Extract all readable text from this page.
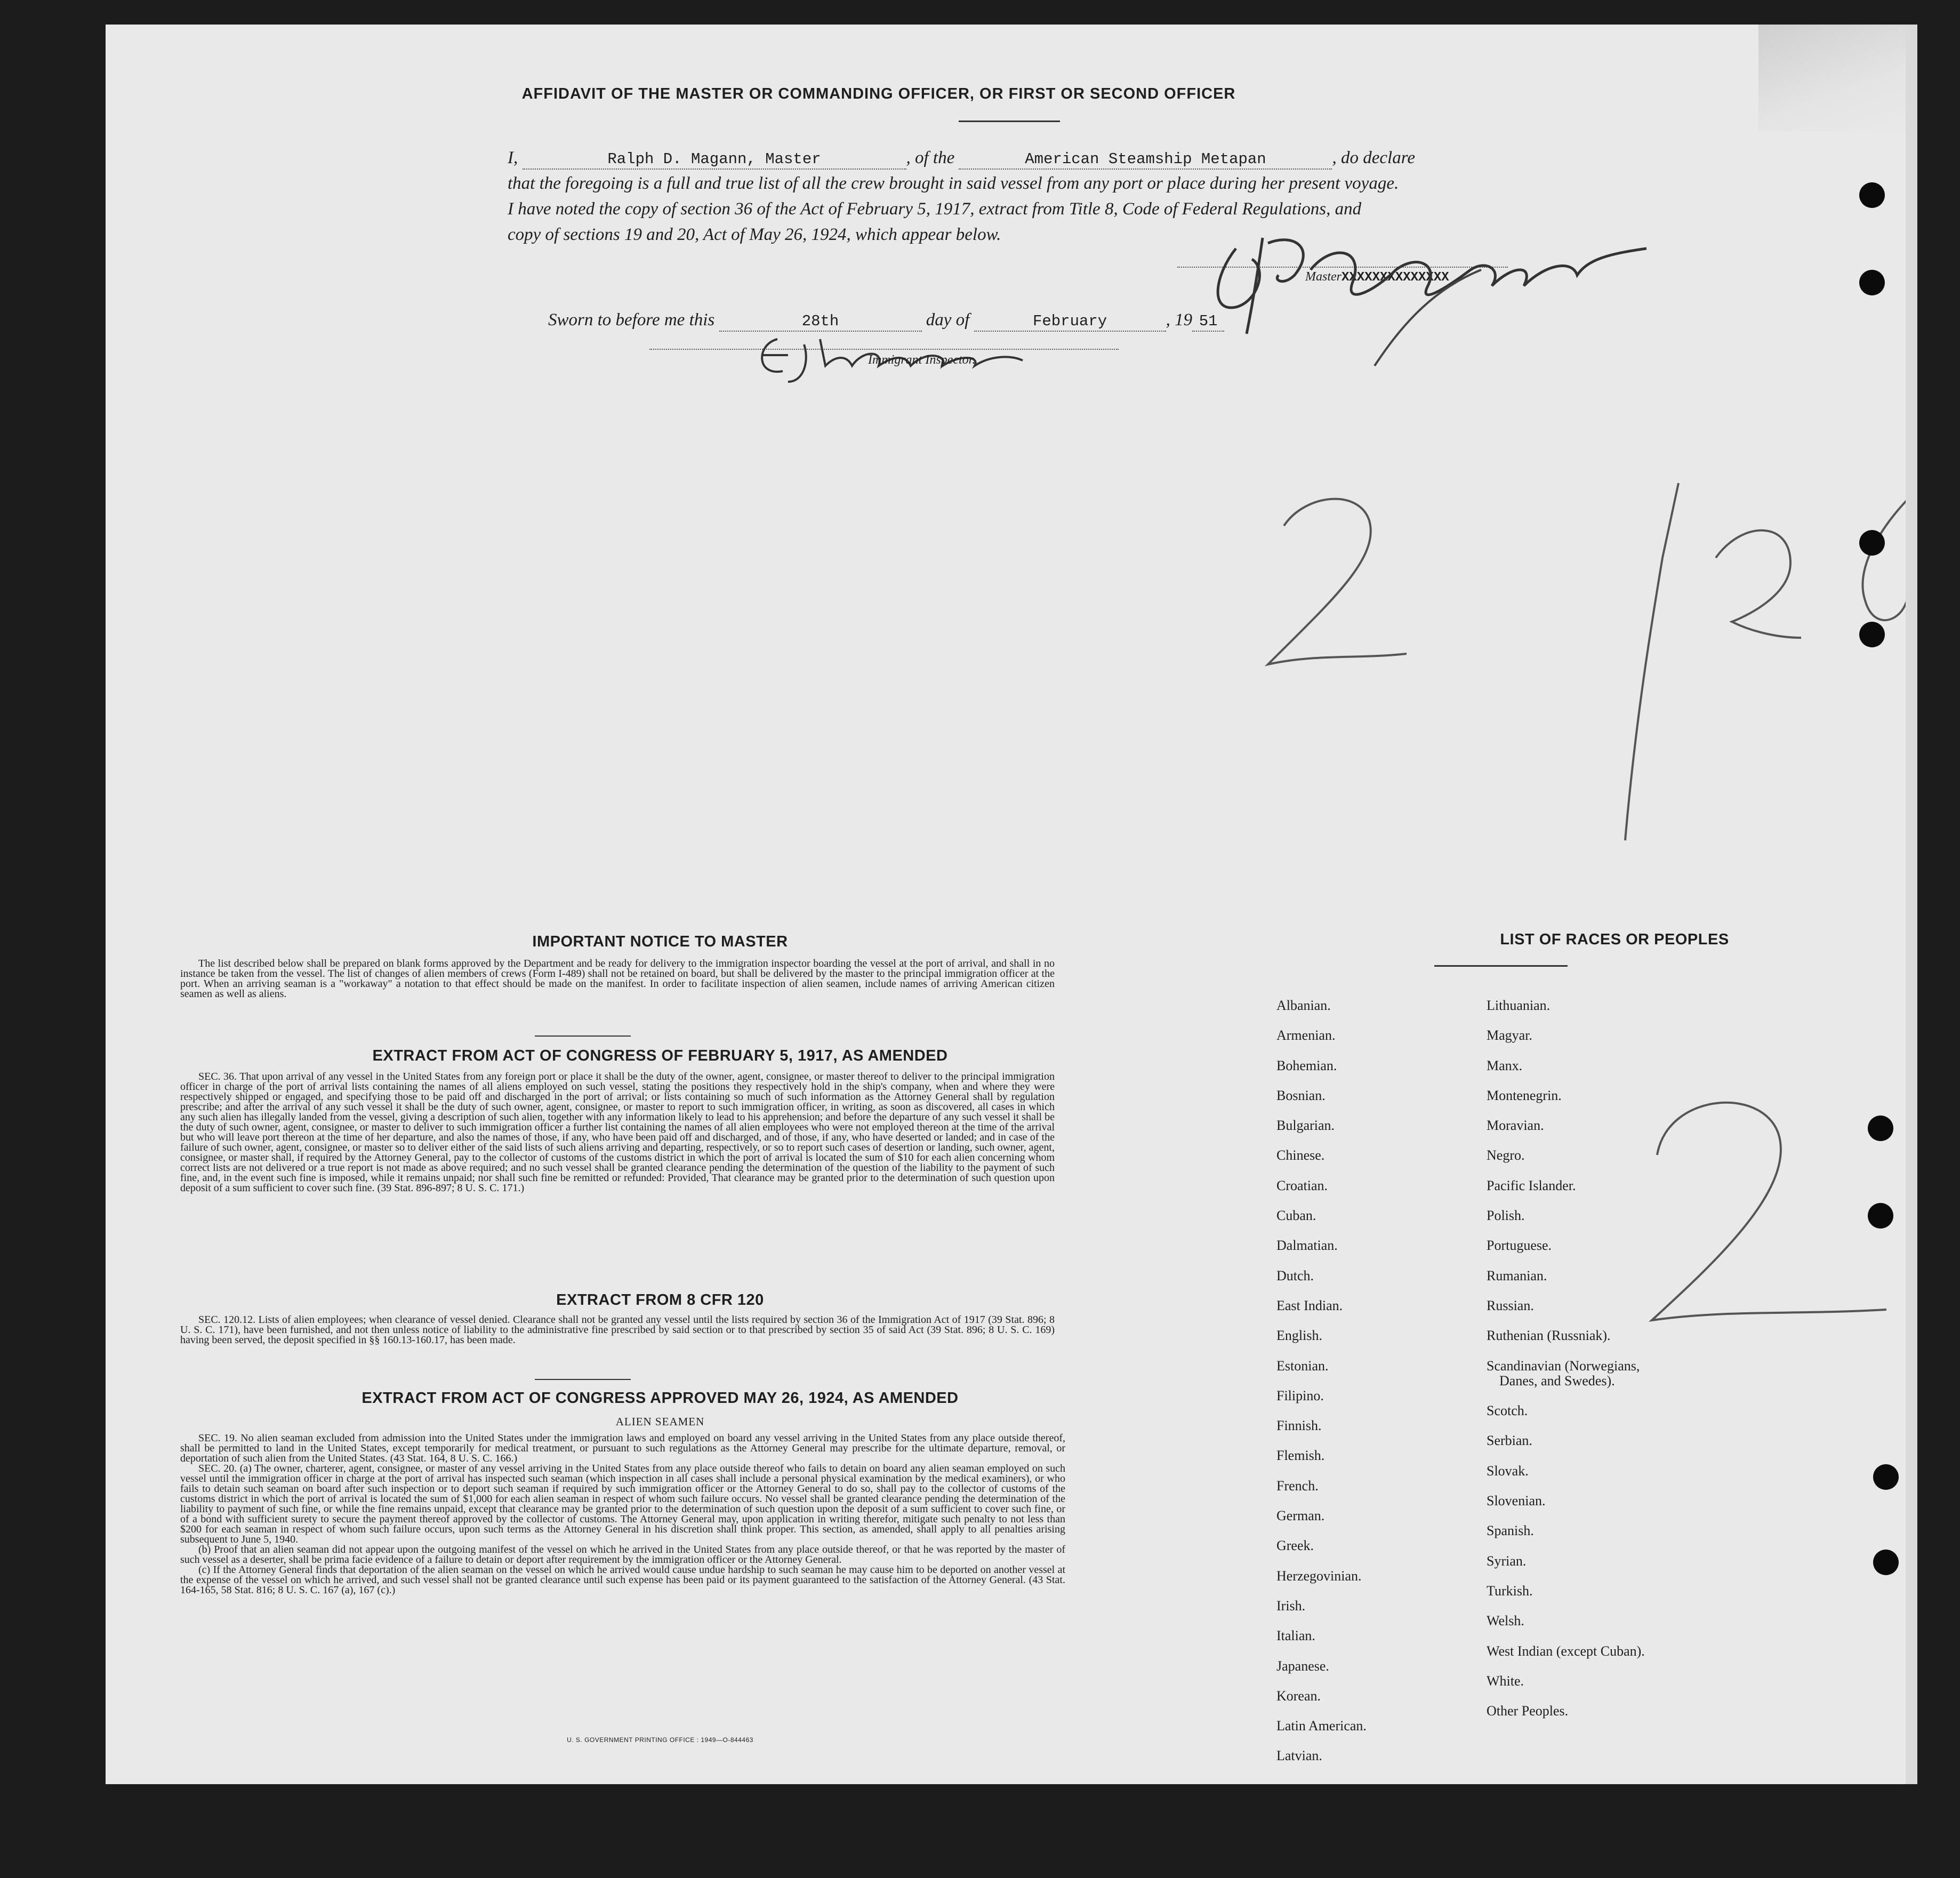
AFFIDAVIT OF THE MASTER OR COMMANDING OFFICER, OR FIRST OR SECOND OFFICER
I,	Ralph D. Magann, Master	, of the	American Steamship Metapan	, do declare
that the foregoing is a full and true list of all the crew brought in said vessel from any port or place during her present voyage.
I have noted the copy of section 36 of the Act of February 5, 1917, extract from Title 8, Code of Federal Regulations, and
copy of sections 19 and 20, Act of May 26, 1924, which appear below.
MasterXXXXXXXXXXXXXX
Sworn to before me this	28th	day of	February	, 19 51
Immigrant Inspector.
IMPORTANT NOTICE TO MASTER

The list described below shall be prepared on blank forms approved by the Department and be ready for delivery to the immigration inspector boarding the vessel at the port of arrival, and shall in no instance be taken from the vessel. The list of changes of alien members of crews (Form I-489) shall not be retained on board, but shall be delivered by the master to the principal immigration officer at the port. When an arriving seaman is a "workaway" a notation to that effect should be made on the manifest. In order to facilitate inspection of alien seamen, include names of arriving American citizen seamen as well as aliens.

EXTRACT FROM ACT OF CONGRESS OF FEBRUARY 5, 1917, AS AMENDED

SEC. 36. That upon arrival of any vessel in the United States from any foreign port or place it shall be the duty of the owner, agent, consignee, or master thereof to deliver to the principal immigration officer in charge of the port of arrival lists containing the names of all aliens employed on such vessel, stating the positions they respectively hold in the ship's company, when and where they were respectively shipped or engaged, and specifying those to be paid off and discharged in the port of arrival; or lists containing so much of such information as the Attorney General shall by regulation prescribe; and after the arrival of any such vessel it shall be the duty of such owner, agent, consignee, or master to report to such immigration officer, in writing, as soon as discovered, all cases in which any such alien has illegally landed from the vessel, giving a description of such alien, together with any information likely to lead to his apprehension; and before the departure of any such vessel it shall be the duty of such owner, agent, consignee, or master to deliver to such immigration officer a further list containing the names of all alien employees who were not employed thereon at the time of the arrival but who will leave port thereon at the time of her departure, and also the names of those, if any, who have been paid off and discharged, and of those, if any, who have deserted or landed; and in case of the failure of such owner, agent, consignee, or master so to deliver either of the said lists of such aliens arriving and departing, respectively, or so to report such cases of desertion or landing, such owner, agent, consignee, or master shall, if required by the Attorney General, pay to the collector of customs of the customs district in which the port of arrival is located the sum of $10 for each alien concerning whom correct lists are not delivered or a true report is not made as above required; and no such vessel shall be granted clearance pending the determination of the question of the liability to the payment of such fine, and, in the event such fine is imposed, while it remains unpaid; nor shall such fine be remitted or refunded: Provided, That clearance may be granted prior to the determination of such question upon deposit of a sum sufficient to cover such fine. (39 Stat. 896-897; 8 U. S. C. 171.)

EXTRACT FROM 8 CFR 120

SEC. 120.12. Lists of alien employees; when clearance of vessel denied. Clearance shall not be granted any vessel until the lists required by section 36 of the Immigration Act of 1917 (39 Stat. 896; 8 U. S. C. 171), have been furnished, and not then unless notice of liability to the administrative fine prescribed by said section or to that prescribed by section 35 of said Act (39 Stat. 896; 8 U. S. C. 169) having been served, the deposit specified in §§ 160.13-160.17, has been made.

EXTRACT FROM ACT OF CONGRESS APPROVED MAY 26, 1924, AS AMENDED
ALIEN SEAMEN

SEC. 19. No alien seaman excluded from admission into the United States under the immigration laws and employed on board any vessel arriving in the United States from any place outside thereof, shall be permitted to land in the United States, except temporarily for medical treatment, or pursuant to such regulations as the Attorney General may prescribe for the ultimate departure, removal, or deportation of such alien from the United States. (43 Stat. 164, 8 U. S. C. 166.)

SEC. 20. (a) The owner, charterer, agent, consignee, or master of any vessel arriving in the United States from any place outside thereof who fails to detain on board any alien seaman employed on such vessel until the immigration officer in charge at the port of arrival has inspected such seaman (which inspection in all cases shall include a personal physical examination by the medical examiners), or who fails to detain such seaman on board after such inspection or to deport such seaman if required by such immigration officer or the Attorney General to do so, shall pay to the collector of customs of the customs district in which the port of arrival is located the sum of $1,000 for each alien seaman in respect of whom such failure occurs. No vessel shall be granted clearance pending the determination of the liability to payment of such fine, or while the fine remains unpaid, except that clearance may be granted prior to the determination of such question upon the deposit of a sum sufficient to cover such fine, or of a bond with sufficient surety to secure the payment thereof approved by the collector of customs. The Attorney General may, upon application in writing therefor, mitigate such penalty to not less than $200 for each seaman in respect of whom such failure occurs, upon such terms as the Attorney General in his discretion shall think proper. This section, as amended, shall apply to all penalties arising subsequent to June 5, 1940.

(b) Proof that an alien seaman did not appear upon the outgoing manifest of the vessel on which he arrived in the United States from any place outside thereof, or that he was reported by the master of such vessel as a deserter, shall be prima facie evidence of a failure to detain or deport after requirement by the immigration officer or the Attorney General.

(c) If the Attorney General finds that deportation of the alien seaman on the vessel on which he arrived would cause undue hardship to such seaman he may cause him to be deported on another vessel at the expense of the vessel on which he arrived, and such vessel shall not be granted clearance until such expense has been paid or its payment guaranteed to the satisfaction of the Attorney General. (43 Stat. 164-165, 58 Stat. 816; 8 U. S. C. 167 (a), 167 (c).)

U. S. GOVERNMENT PRINTING OFFICE : 1949—O-844463
LIST OF RACES OR PEOPLES
Albanian.
Armenian.
Bohemian.
Bosnian.
Bulgarian.
Chinese.
Croatian.
Cuban.
Dalmatian.
Dutch.
East Indian.
English.
Estonian.
Filipino.
Finnish.
Flemish.
French.
German.
Greek.
Herzegovinian.
Irish.
Italian.
Japanese.
Korean.
Latin American.
Latvian.
Lithuanian.
Magyar.
Manx.
Montenegrin.
Moravian.
Negro.
Pacific Islander.
Polish.
Portuguese.
Rumanian.
Russian.
Ruthenian (Russniak).
Scandinavian (Norwegians,
Danes, and Swedes).
Scotch.
Serbian.
Slovak.
Slovenian.
Spanish.
Syrian.
Turkish.
Welsh.
West Indian (except Cuban).
White.
Other Peoples.
